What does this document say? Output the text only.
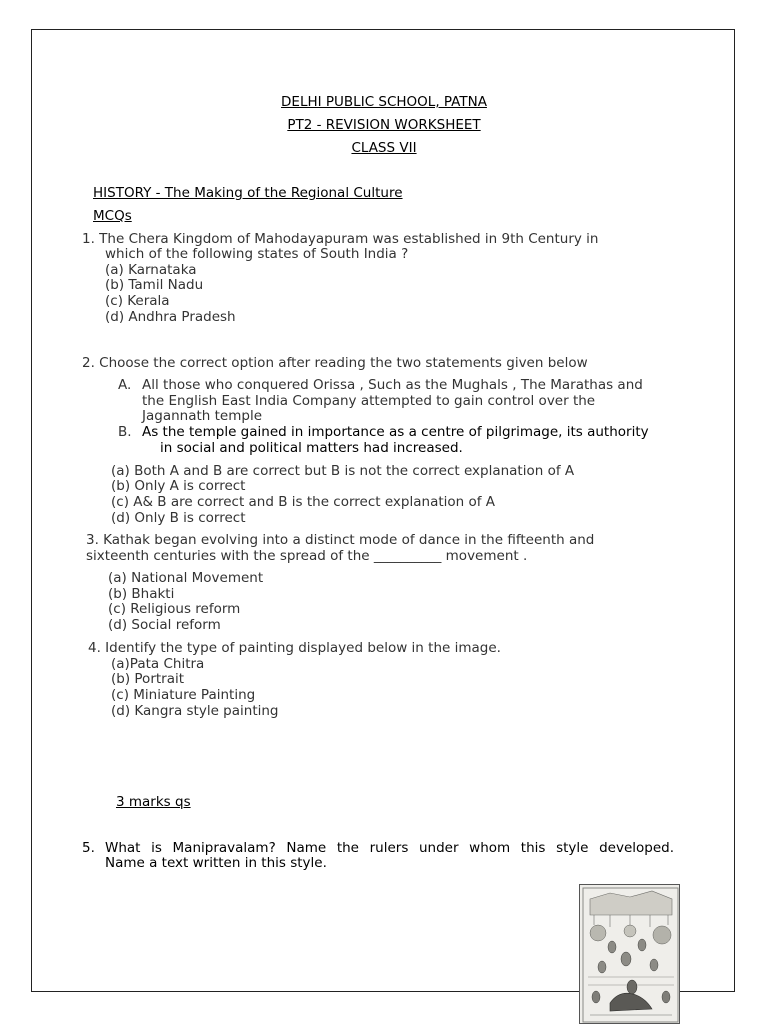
DELHI PUBLIC SCHOOL, PATNA
PT2 - REVISION WORKSHEET
CLASS VII
HISTORY - The Making of the Regional Culture
MCQs
1. The Chera Kingdom of Mahodayapuram was established in 9th Century in
which of the following states of South India ?
(a) Karnataka
(b) Tamil Nadu
(c) Kerala
(d) Andhra Pradesh
2. Choose the correct option after reading the two statements given below
A. All those who conquered Orissa , Such as the Mughals , The Marathas and
the English East India Company attempted to gain control over the
Jagannath temple
B. As the temple gained in importance as a centre of pilgrimage, its authority
in social and political matters had increased.
(a) Both A and B are correct but B is not the correct explanation of A
(b) Only A is correct
(c) A& B are correct and B is the correct explanation of A
(d) Only B is correct
3. Kathak began evolving into a distinct mode of dance in the fifteenth and
sixteenth centuries with the spread of the __________ movement .
(a) National Movement
(b) Bhakti
(c) Religious reform
(d) Social reform
4. Identify the type of painting displayed below in the image.
(a)Pata Chitra
(b) Portrait
(c) Miniature Painting
(d) Kangra style painting
3 marks qs
5. What is Manipravalam? Name the rulers under whom this style developed.
Name a text written in this style.
